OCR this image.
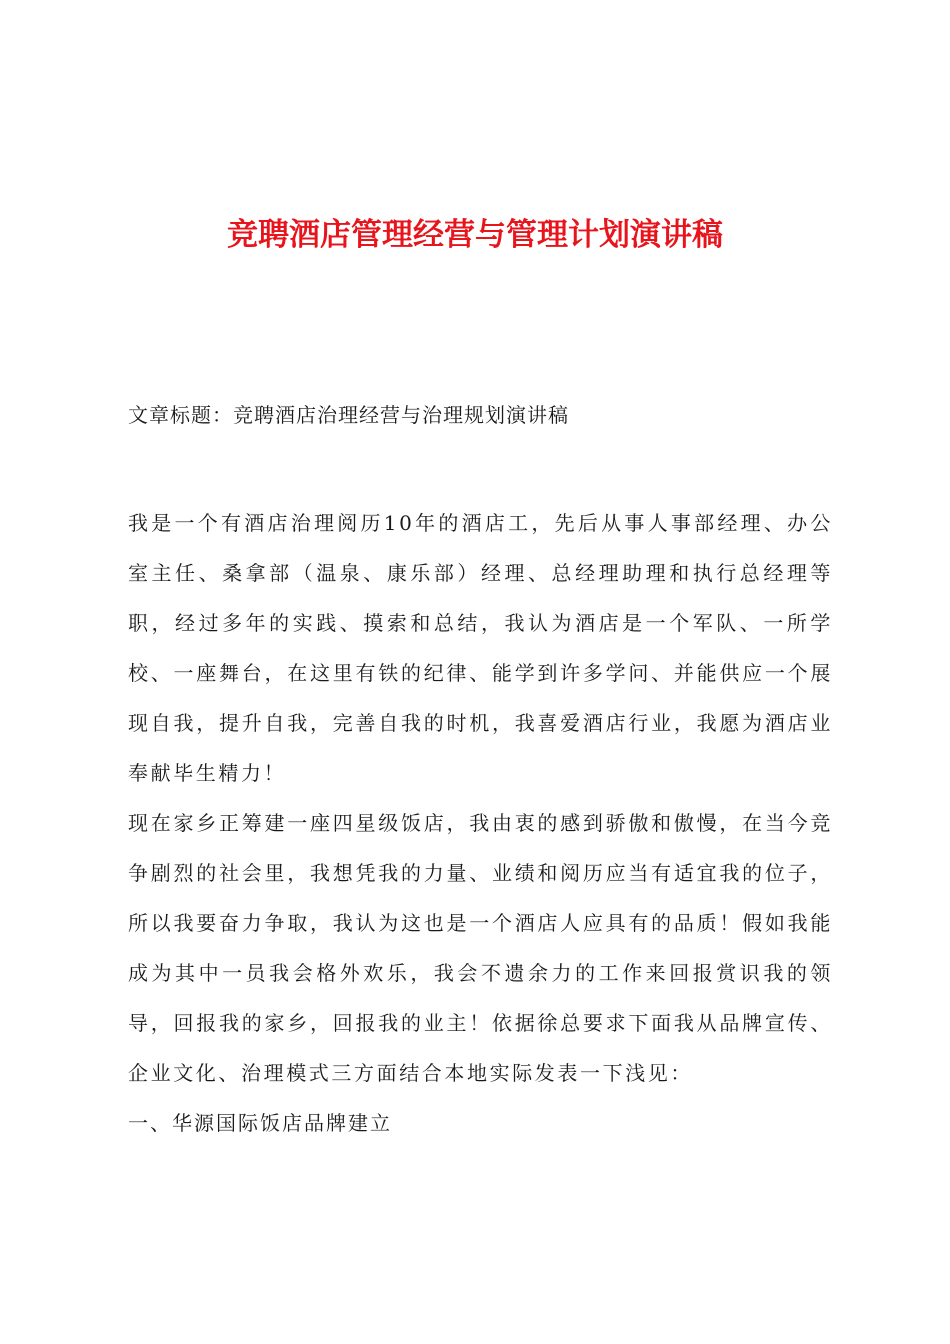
竞聘酒店管理经营与管理计划演讲稿

文章标题：竞聘酒店治理经营与治理规划演讲稿

我是一个有酒店治理阅历10年的酒店工，先后从事人事部经理、办公室主任、桑拿部（温泉、康乐部）经理、总经理助理和执行总经理等职，经过多年的实践、摸索和总结，我认为酒店是一个军队、一所学校、一座舞台，在这里有铁的纪律、能学到许多学问、并能供应一个展现自我，提升自我，完善自我的时机，我喜爱酒店行业，我愿为酒店业奉献毕生精力！

现在家乡正筹建一座四星级饭店，我由衷的感到骄傲和傲慢，在当今竞争剧烈的社会里，我想凭我的力量、业绩和阅历应当有适宜我的位子，所以我要奋力争取，我认为这也是一个酒店人应具有的品质！假如我能成为其中一员我会格外欢乐，我会不遗余力的工作来回报赏识我的领导，回报我的家乡，回报我的业主！依据徐总要求下面我从品牌宣传、企业文化、治理模式三方面结合本地实际发表一下浅见：

一、华源国际饭店品牌建立
